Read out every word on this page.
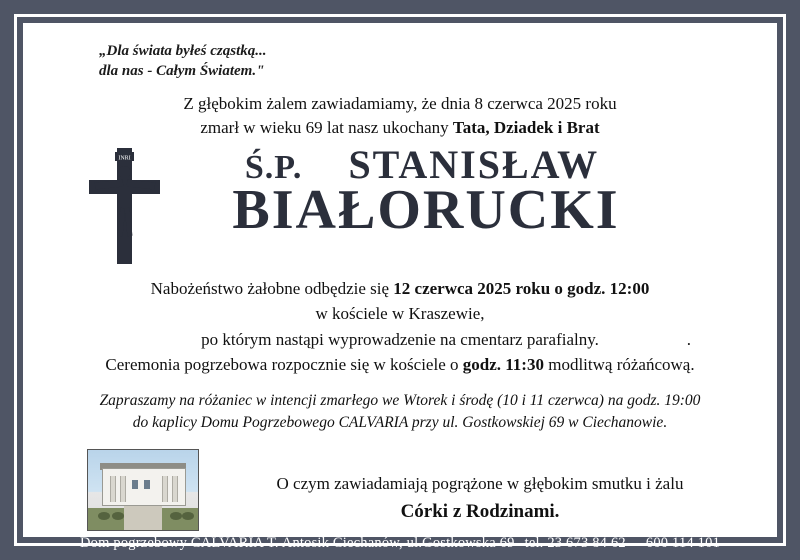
„Dla świata byłeś cząstką...
dla nas - Całym Światem."
Z głębokim żalem zawiadamiamy, że dnia 8 czerwca 2025 roku
zmarł w wieku 69 lat nasz ukochany Tata, Dziadek i Brat
INRI	Ś.P. STANISŁAW
BIAŁORUCKI
Nabożeństwo żałobne odbędzie się 12 czerwca 2025 roku o godz. 12:00
w kościele w Kraszewie,
po którym nastąpi wyprowadzenie na cmentarz parafialny.	.
Ceremonia pogrzebowa rozpocznie się w kościele o godz. 11:30 modlitwą różańcową.
Zapraszamy na różaniec w intencji zmarłego we Wtorek i środę (10 i 11 czerwca) na godz. 19:00
do kaplicy Domu Pogrzebowego CALVARIA przy ul. Gostkowskiej 69 w Ciechanowie.
O czym zawiadamiają pogrążone w głębokim smutku i żalu
Córki z Rodzinami.
Dom pogrzebowy CALVARIA T. Antosik Ciechanów, ul.Gostkowska 69 tel. 23 673 84 62 600 114 101
